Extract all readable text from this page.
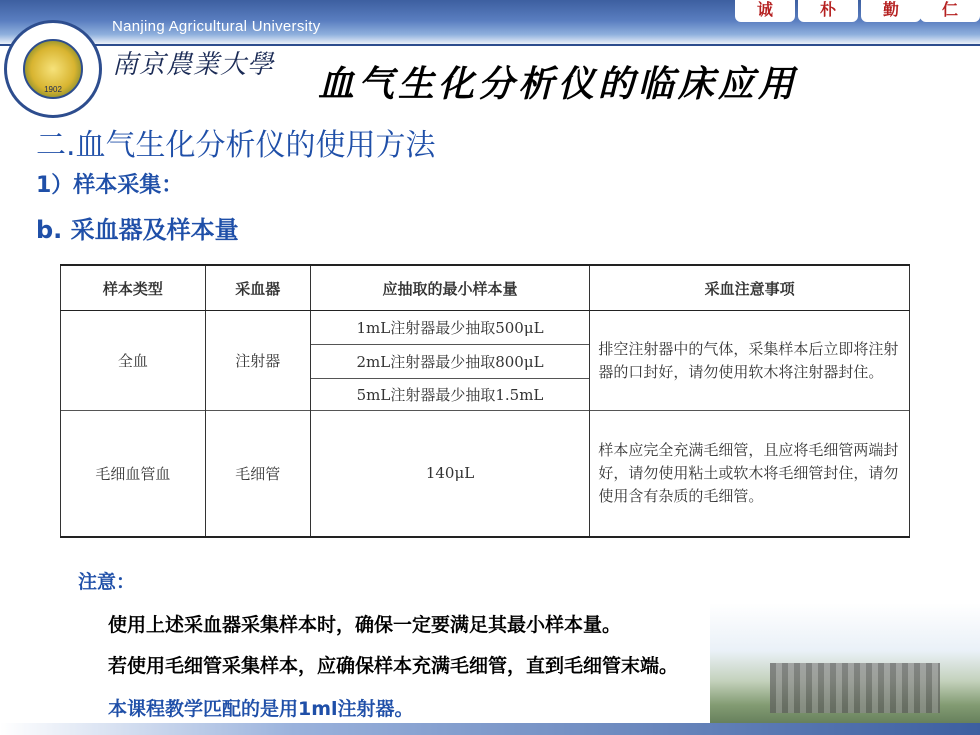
Nanjing Agricultural University
诚	朴	勤	仁
1902
南京農業大學 血气生化分析仪的临床应用
二.血气生化分析仪的使用方法
1）样本采集：
b. 采血器及样本量
样本类型	采血器	应抽取的最小样本量	采血注意事项
全血	注射器	1mL注射器最少抽取500μL	排空注射器中的气体，采集样本后立即将注射器的口封好，请勿使用软木将注射器封住。
		2mL注射器最少抽取800μL	
		5mL注射器最少抽取1.5mL	
毛细血管血	毛细管	140μL	样本应完全充满毛细管，且应将毛细管两端封好，请勿使用粘土或软木将毛细管封住，请勿使用含有杂质的毛细管。
注意：
使用上述采血器采集样本时，确保一定要满足其最小样本量。
若使用毛细管采集样本，应确保样本充满毛细管，直到毛细管末端。
本课程教学匹配的是用1ml注射器。
